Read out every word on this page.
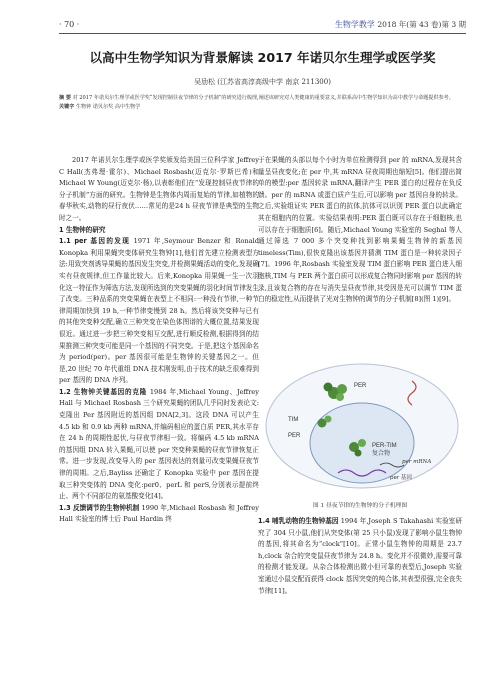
· 70 ·	生物学教学 2018 年(第 43 卷)第 3 期
以高中生物学知识为背景解读 2017 年诺贝尔生理学或医学奖
吴劢松 (江苏省高淳高级中学 南京 211300)
摘 要 对 2017 年诺贝尔生理学或医学奖“发现控制昼夜节律的分子机制”的研究进行梳理,阐述该研究对人类健康的重要意义,并联系高中生物学知识为高中教学与命题提供参考。
关键字 生物钟 诺贝尔奖 高中生物学

2017 年诺贝尔生理学或医学奖颁发给美国三位科学家 Jeffrey C Hall(杰弗理·霍尔)、Michael Rosbash(迈克尔·罗斯巴希)和 Michael W Young(迈克尔·杨),以表彰他们在“发现控制昼夜节律的分子机制”方面的研究。生物钟是生物体内周而复始的节律,如植物的春华秋实,动物的昼行夜伏……常见的是24 h 昼夜节律是典型的生物时之一。

1 生物钟的研究

1.1 per 基因的发现 1971 年,Seymour Benzer 和 Ronald Konopka 利用果蝇突变体研究生物钟[1],他们首先建立检测表型方法:用致突剂诱导果蝇的基因发生突变,并检测果蝇活动的变化,发现确实有昼夜规律,但工作量比较大。后来,Konopka 用果蝇一生一次羽化这一特征作为筛选方法,发现所选到的突变果蝇的羽化时间节律发生了改变。三种品系的突变果蝇在表型上不相同:一种没有节律,一种节律周期加快到 19 h,一种节律变慢到 28 h。然后将该突变种与已有的其他突变种交配,确立三种突变在染色体图谱的大概位置,结果发现很近。通过进一步把三种突变相互交配,进行顺反检测,根据得到的结果推测三种突变可能是同一个基因的不同突变。于是,把这个基因命名为 period(per)。per 基因很可能是生物钟的关键基因之一。但是,20 世纪 70 年代重组 DNA 技术刚发明,由于技术的缺乏很难得到 per 基因的 DNA 序列。

1.2 生物钟关键基因的克隆 1984 年,Michael Young、Jeffrey Hall 与 Michael Rosbash 三个研究果蝇的团队几乎同时发表论文:克隆出 Per 基因附近的基因组 DNA[2,3]。这段 DNA 可以产生 4.5 kb 和 0.9 kb 两种 mRNA,并编码相应的蛋白质 PER,其水平存在 24 h 的周期性起伏,与昼夜节律相一致。将编码 4.5 kb mRNA 的基因组 DNA 转入果蝇,可以使 per 突变种果蝇的昼夜节律恢复正常。进一步发现,改变导入的 per 基因表达的剂量可改变果蝇昼夜节律的周期。之后,Bayliss 还确定了 Konopka 实验中 per 基因在提取三种突变体的 DNA 变化:per0、perL 和 perS,分别表示提前终止、两个不同部位的氨基酸变化[4]。

1.3 反馈调节的生物钟机制 1990 年,Michael Rosbash 和 Jeffrey Hall 实验室的博士后 Paul Hardin 终

于在果蝇的头部以每个小时为单位检测得到 per 的 mRNA,发现其含量呈昼夜变化;在 per 中,其 mRNA 昼夜周期也缩短[5]。他们提出简单的模型:per 基因转录 mRNA,翻译产生 PER 蛋白的过程存在负反馈。per 的 mRNA 或蛋白质产生后,可以影响 per 基因自身的转录。之后,实验组证实 PER 蛋白的抗体,抗体可以识别 PER 蛋白以此确定其在细胞内的位置。实验结果表明:PER 蛋白既可以存在于细胞核,也可以存在于细胞质[6]。随后,Michael Young 实验室的 Seghal 等人通过筛选 7 000 多个突变种找到影响果蝇生物钟的新基因 timeless(Tim),很快克隆出该基因并猜测 TIM 蛋白是一种转录因子[7]。1996 年,Rosbash 实验室发现 TIM 蛋白影响 PER 蛋白进入细胞核,TIM 与 PER 两个蛋白质可以形成复合物同时影响 per 基因的转录,且该复合物的存在与消失呈昼夜节律,其受因是光可以调节 TIM 蛋白的稳定性,从而提供了光对生物钟的调节的分子机制[8](图 1)[9]。

PER
TIM
PER
PER-TIM
复合物
per mRNA
per 基因
图 1 昼夜节律的生物钟的分子机理图

1.4 哺乳动物的生物钟基因 1994 年,Joseph S Takahashi 实验室研究了 304 只小鼠,他们从突变体(第 25 只小鼠)发现了影响小鼠生物钟的基因,将其命名为“clock”[10]。正常小鼠生物钟的周期是 23.7 h,clock 杂合的突变鼠昼夜节律为 24.8 h。变化并不很微妙,需要可靠的检测才能发现。从杂合体检测出微小但可靠的表型后,Joseph 实验室通过小鼠交配而获得 clock 基因突变的纯合体,其表型很强,完全丧失节律[11]。
